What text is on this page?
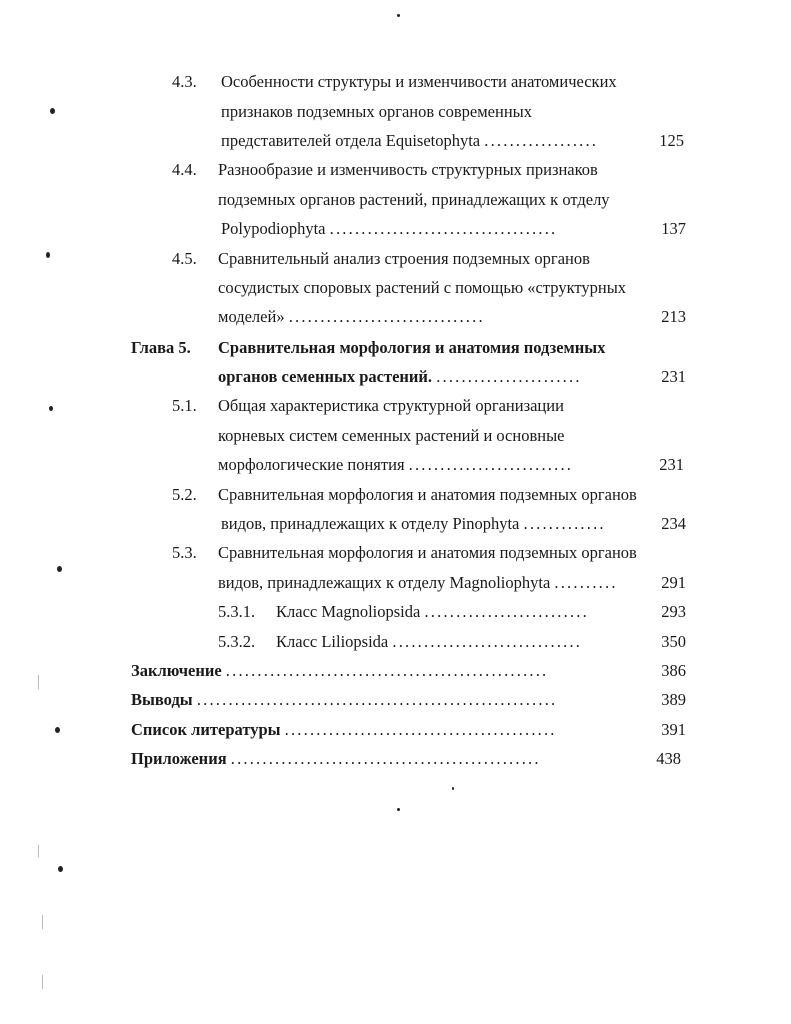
4.3. Особенности структуры и изменчивости анатомических
признаков подземных органов современных
представителей отдела Equisetophyta ..................	125
4.4. Разнообразие и изменчивость структурных признаков
подземных органов растений, принадлежащих к отделу
Polypodiophyta ....................................	137
4.5. Сравнительный анализ строения подземных органов
сосудистых споровых растений с помощью «структурных
моделей» ...............................	213
Глава 5. Сравнительная морфология и анатомия подземных
органов семенных растений. .......................	231
5.1. Общая характеристика структурной организации
корневых систем семенных растений и основные
морфологические понятия ..........................	231
5.2. Сравнительная морфология и анатомия подземных органов
видов, принадлежащих к отделу Pinophyta .............	234
5.3. Сравнительная морфология и анатомия подземных органов
видов, принадлежащих к отделу Magnoliophyta ..........	291
5.3.1. Класс Magnoliopsida ..........................	293
5.3.2. Класс Liliopsida ..............................	350
Заключение ...................................................	386
Выводы .........................................................	389
Список литературы ...........................................	391
Приложения .................................................	438
